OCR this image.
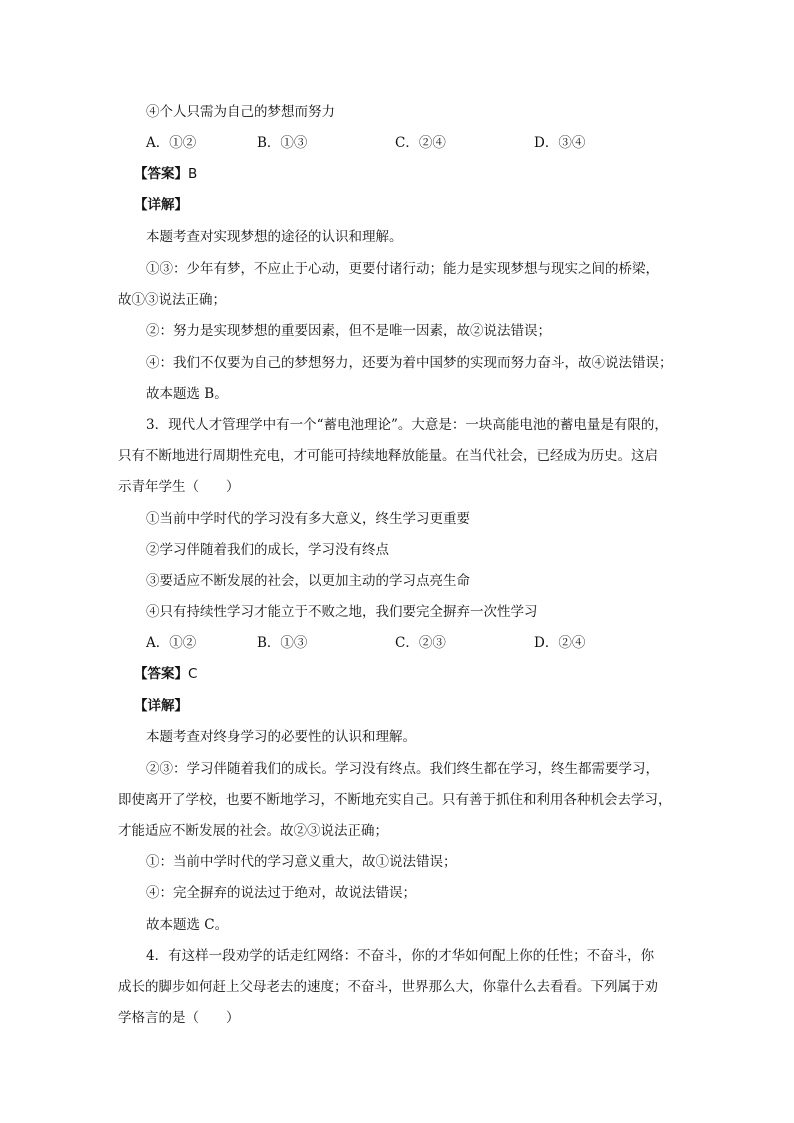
④个人只需为自己的梦想而努力
A．①②	B．①③	C．②④	D．③④
【答案】B
【详解】
本题考查对实现梦想的途径的认识和理解。
①③：少年有梦，不应止于心动，更要付诸行动；能力是实现梦想与现实之间的桥梁，
故①③说法正确；
②：努力是实现梦想的重要因素，但不是唯一因素，故②说法错误；
④：我们不仅要为自己的梦想努力，还要为着中国梦的实现而努力奋斗，故④说法错误；
故本题选 B。
3．现代人才管理学中有一个“蓄电池理论”。大意是：一块高能电池的蓄电量是有限的，
只有不断地进行周期性充电，才可能可持续地释放能量。在当代社会，已经成为历史。这启
示青年学生（　　）
①当前中学时代的学习没有多大意义，终生学习更重要
②学习伴随着我们的成长，学习没有终点
③要适应不断发展的社会，以更加主动的学习点亮生命
④只有持续性学习才能立于不败之地，我们要完全摒弃一次性学习
A．①②	B．①③	C．②③	D．②④
【答案】C
【详解】
本题考查对终身学习的必要性的认识和理解。
②③：学习伴随着我们的成长。学习没有终点。我们终生都在学习，终生都需要学习，
即使离开了学校，也要不断地学习，不断地充实自己。只有善于抓住和利用各种机会去学习，
才能适应不断发展的社会。故②③说法正确；
①：当前中学时代的学习意义重大，故①说法错误；
④：完全摒弃的说法过于绝对，故说法错误；
故本题选 C。
4．有这样一段劝学的话走红网络：不奋斗，你的才华如何配上你的任性；不奋斗，你
成长的脚步如何赶上父母老去的速度；不奋斗，世界那么大，你靠什么去看看。下列属于劝
学格言的是（　　）
